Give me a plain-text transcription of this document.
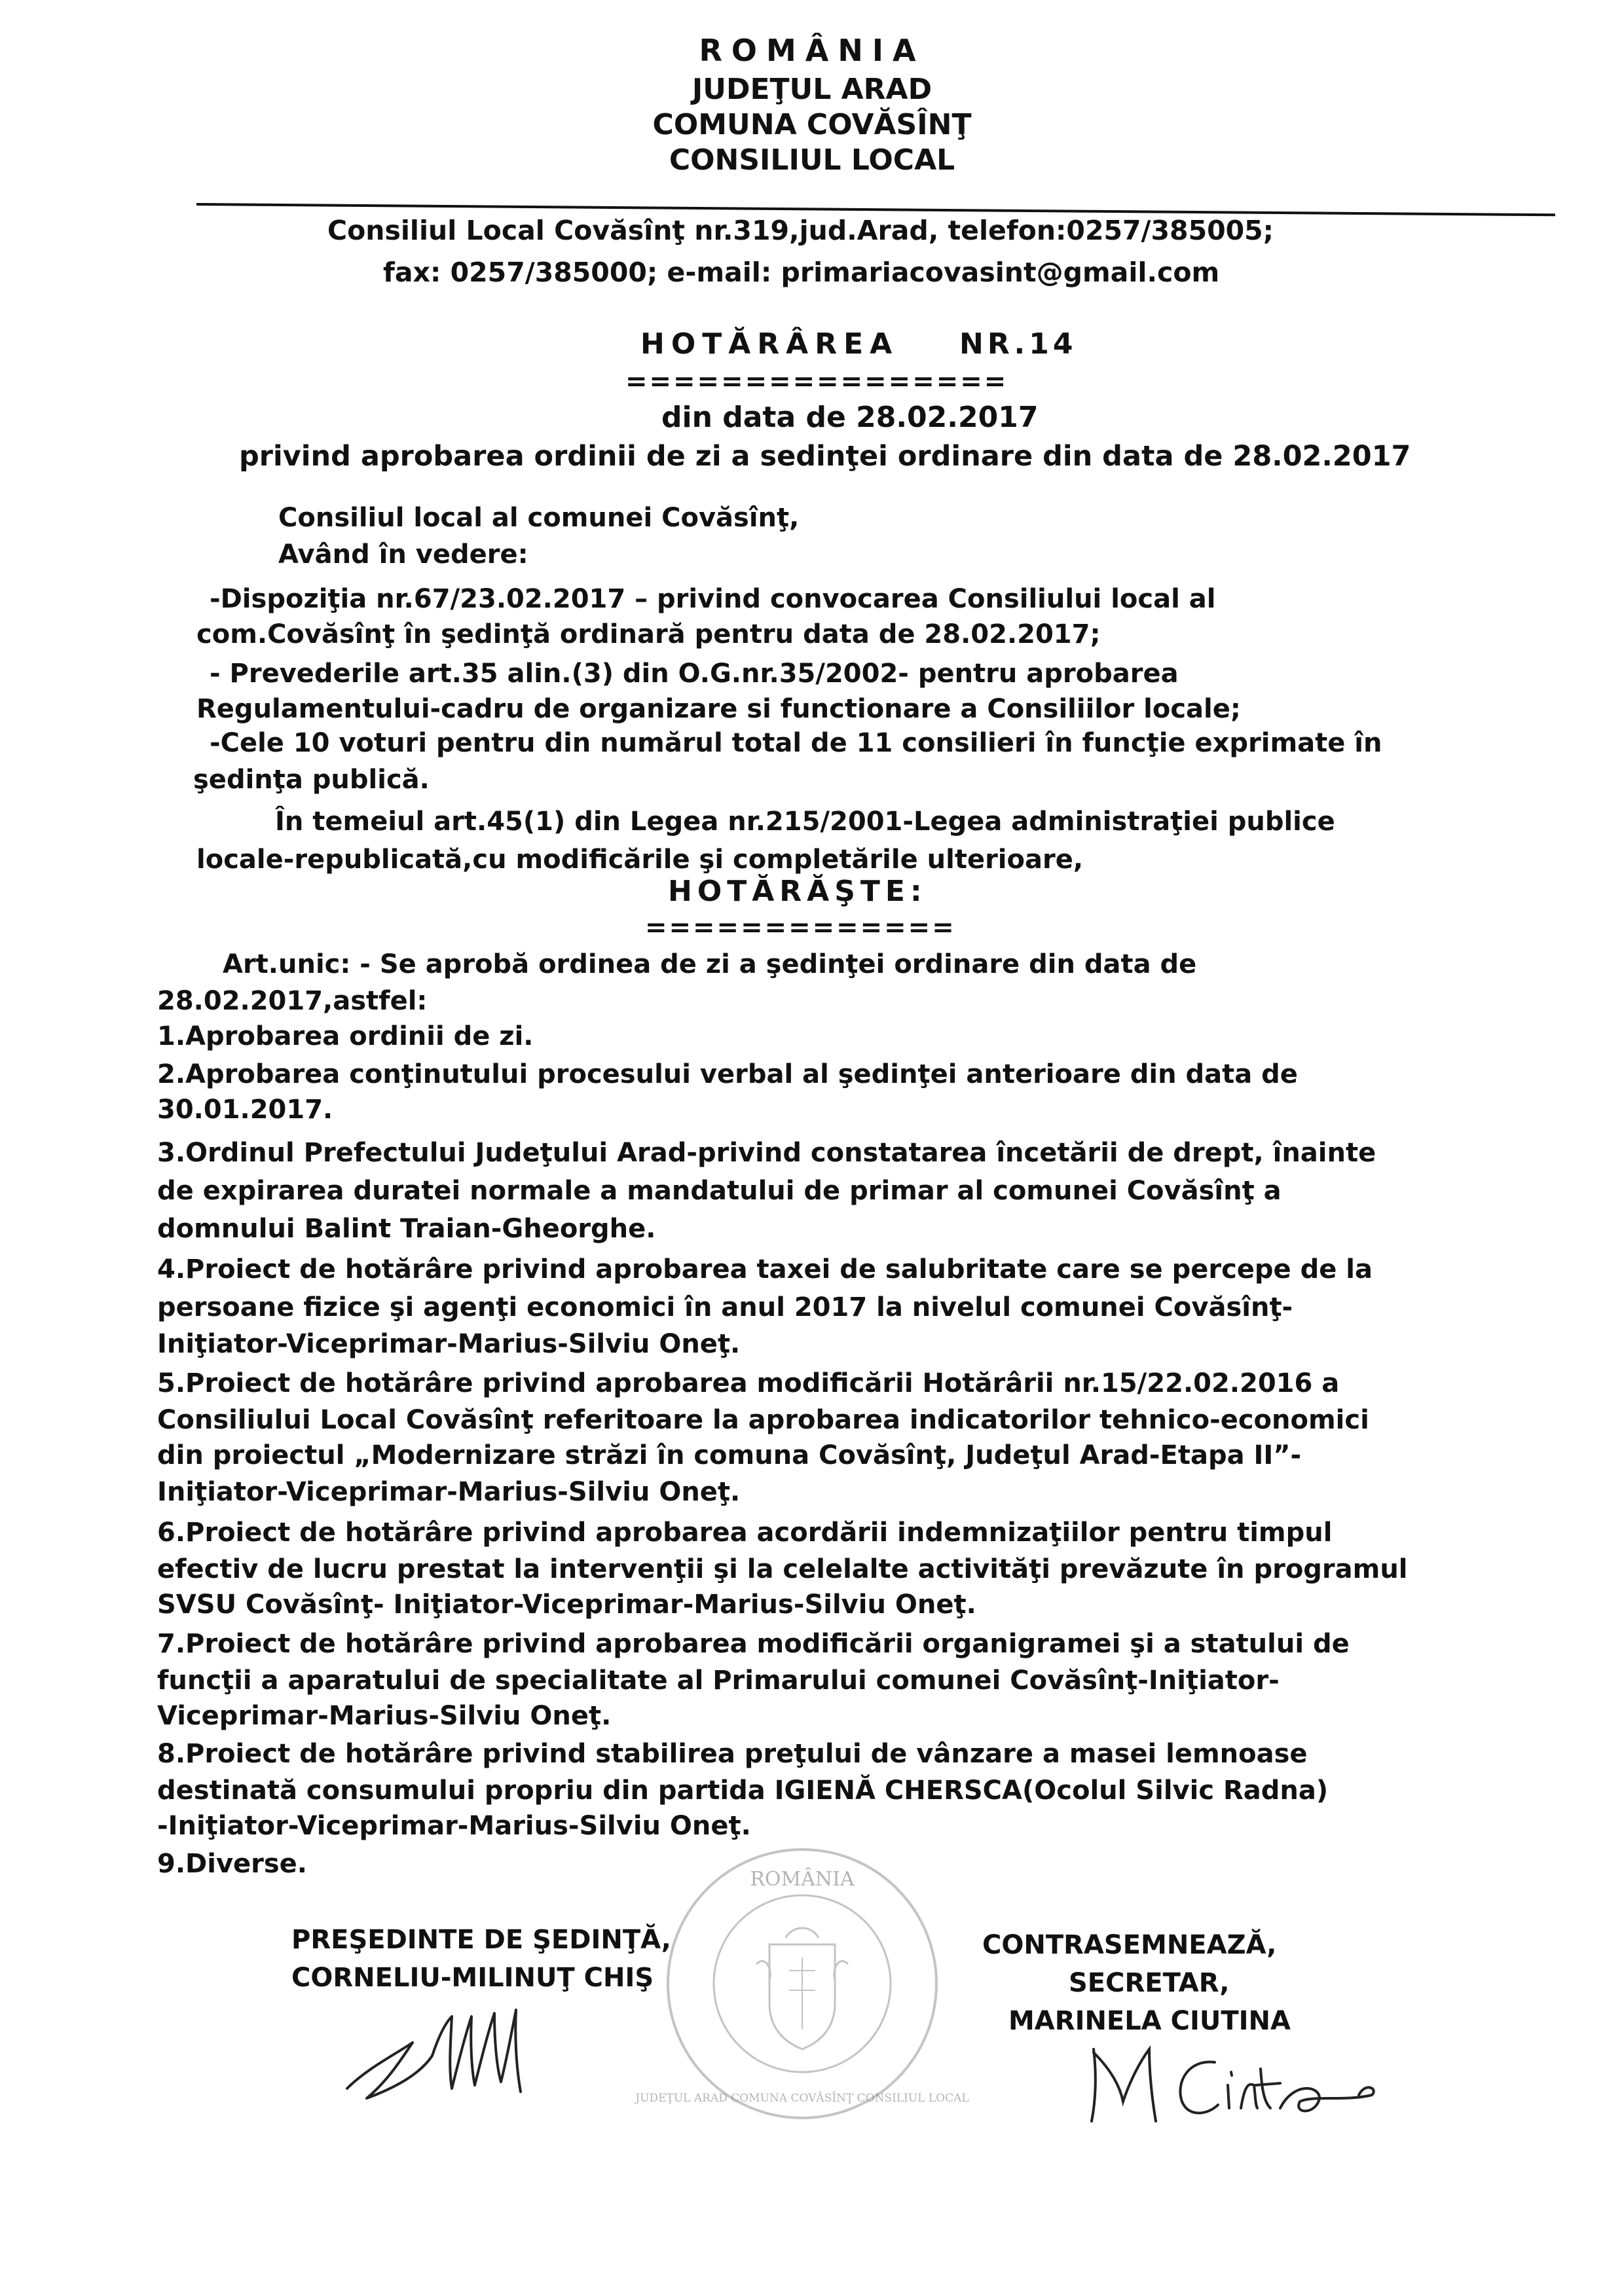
ROMÂNIA
JUDEŢUL ARAD
COMUNA COVĂSÎNŢ
CONSILIUL LOCAL
Consiliul Local Covăsînţ nr.319,jud.Arad, telefon:0257/385005;
fax: 0257/385000; e-mail: primariacovasint@gmail.com
HOTĂRÂREA NR.14
================
din data de 28.02.2017
privind aprobarea ordinii de zi a sedinţei ordinare din data de 28.02.2017
Consiliul local al comunei Covăsînţ,
Având în vedere:
-Dispoziţia nr.67/23.02.2017 – privind convocarea Consiliului local al
com.Covăsînţ în şedinţă ordinară pentru data de 28.02.2017;
- Prevederile art.35 alin.(3) din O.G.nr.35/2002- pentru aprobarea
Regulamentului-cadru de organizare si functionare a Consiliilor locale;
-Cele 10 voturi pentru din numărul total de 11 consilieri în funcţie exprimate în
şedinţa publică.
În temeiul art.45(1) din Legea nr.215/2001-Legea administraţiei publice
locale-republicată,cu modificările şi completările ulterioare,
HOTĂRĂŞTE:
=============
Art.unic: - Se aprobă ordinea de zi a şedinţei ordinare din data de
28.02.2017,astfel:
1.Aprobarea ordinii de zi.
2.Aprobarea conţinutului procesului verbal al şedinţei anterioare din data de
30.01.2017.
3.Ordinul Prefectului Judeţului Arad-privind constatarea încetării de drept, înainte
de expirarea duratei normale a mandatului de primar al comunei Covăsînţ a
domnului Balint Traian-Gheorghe.
4.Proiect de hotărâre privind aprobarea taxei de salubritate care se percepe de la
persoane fizice şi agenţi economici în anul 2017 la nivelul comunei Covăsînţ-
Iniţiator-Viceprimar-Marius-Silviu Oneţ.
5.Proiect de hotărâre privind aprobarea modificării Hotărârii nr.15/22.02.2016 a
Consiliului Local Covăsînţ referitoare la aprobarea indicatorilor tehnico-economici
din proiectul „Modernizare străzi în comuna Covăsînţ, Judeţul Arad-Etapa II”-
Iniţiator-Viceprimar-Marius-Silviu Oneţ.
6.Proiect de hotărâre privind aprobarea acordării indemnizaţiilor pentru timpul
efectiv de lucru prestat la intervenţii şi la celelalte activităţi prevăzute în programul
SVSU Covăsînţ- Iniţiator-Viceprimar-Marius-Silviu Oneţ.
7.Proiect de hotărâre privind aprobarea modificării organigramei şi a statului de
funcţii a aparatului de specialitate al Primarului comunei Covăsînţ-Iniţiator-
Viceprimar-Marius-Silviu Oneţ.
8.Proiect de hotărâre privind stabilirea preţului de vânzare a masei lemnoase
destinată consumului propriu din partida IGIENĂ CHERSCA(Ocolul Silvic Radna)
-Iniţiator-Viceprimar-Marius-Silviu Oneţ.
9.Diverse.
PREŞEDINTE DE ŞEDINŢĂ,
CORNELIU-MILINUŢ CHIŞ
CONTRASEMNEAZĂ,
SECRETAR,
MARINELA CIUTINA
ROMÂNIA
JUDEŢUL ARAD COMUNA COVĂSÎNŢ CONSILIUL LOCAL
